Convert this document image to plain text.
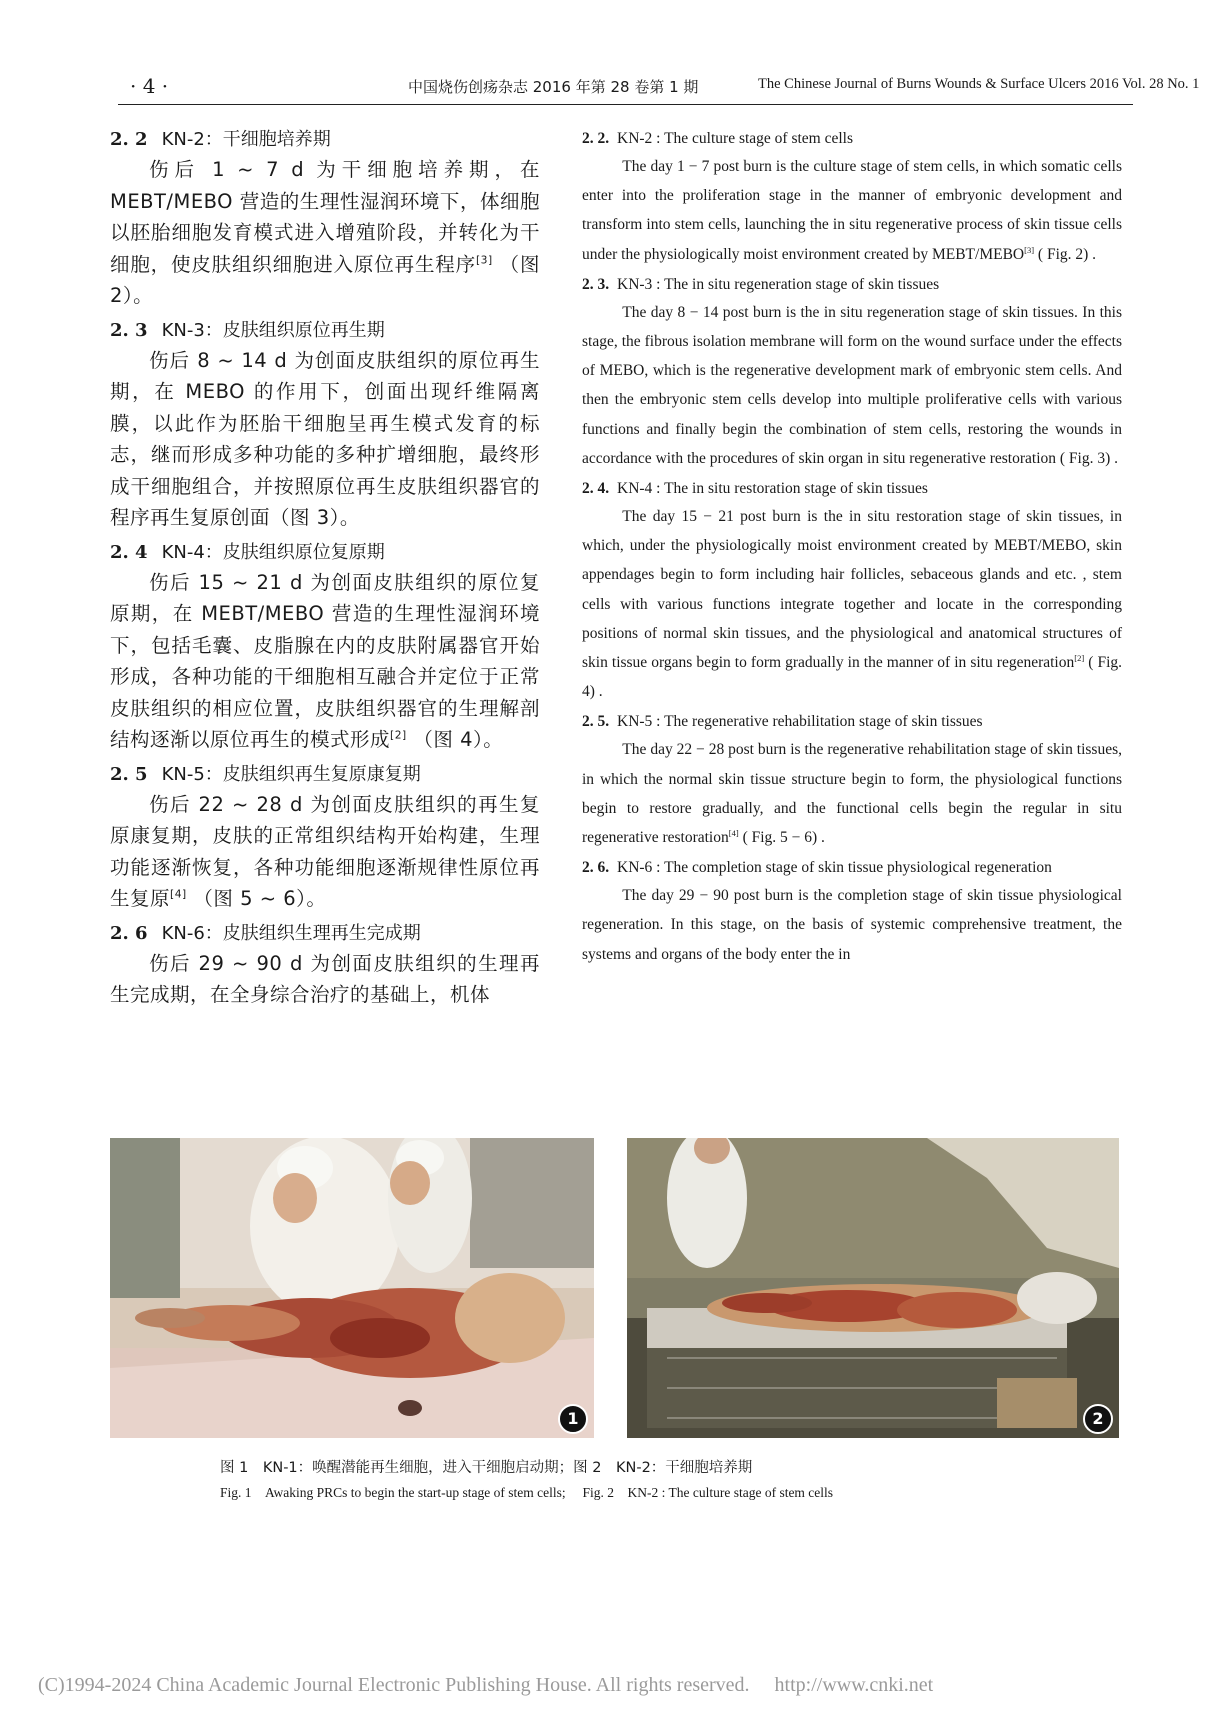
· 4 ·	中国烧伤创疡杂志 2016 年第 28 卷第 1 期	The Chinese Journal of Burns Wounds & Surface Ulcers 2016 Vol. 28 No. 1

2. 2 KN-2：干细胞培养期

伤后 1 ~ 7 d 为干细胞培养期，在 MEBT/MEBO 营造的生理性湿润环境下，体细胞以胚胎细胞发育模式进入增殖阶段，并转化为干细胞，使皮肤组织细胞进入原位再生程序[3] （图 2）。

2. 3 KN-3：皮肤组织原位再生期

伤后 8 ~ 14 d 为创面皮肤组织的原位再生期，在 MEBO 的作用下，创面出现纤维隔离膜，以此作为胚胎干细胞呈再生模式发育的标志，继而形成多种功能的多种扩增细胞，最终形成干细胞组合，并按照原位再生皮肤组织器官的程序再生复原创面（图 3）。

2. 4 KN-4：皮肤组织原位复原期

伤后 15 ~ 21 d 为创面皮肤组织的原位复原期，在 MEBT/MEBO 营造的生理性湿润环境下，包括毛囊、皮脂腺在内的皮肤附属器官开始形成，各种功能的干细胞相互融合并定位于正常皮肤组织的相应位置，皮肤组织器官的生理解剖结构逐渐以原位再生的模式形成[2] （图 4）。

2. 5 KN-5：皮肤组织再生复原康复期

伤后 22 ~ 28 d 为创面皮肤组织的再生复原康复期，皮肤的正常组织结构开始构建，生理功能逐渐恢复，各种功能细胞逐渐规律性原位再生复原[4] （图 5 ~ 6）。

2. 6 KN-6：皮肤组织生理再生完成期

伤后 29 ~ 90 d 为创面皮肤组织的生理再生完成期，在全身综合治疗的基础上，机体

2. 2. KN-2 : The culture stage of stem cells

The day 1 − 7 post burn is the culture stage of stem cells, in which somatic cells enter into the proliferation stage in the manner of embryonic development and transform into stem cells, launching the in situ regenerative process of skin tissue cells under the physiologically moist environment created by MEBT/MEBO[3] ( Fig. 2) .

2. 3. KN-3 : The in situ regeneration stage of skin tissues

The day 8 − 14 post burn is the in situ regeneration stage of skin tissues. In this stage, the fibrous isolation membrane will form on the wound surface under the effects of MEBO, which is the regenerative development mark of embryonic stem cells. And then the embryonic stem cells develop into multiple proliferative cells with various functions and finally begin the combination of stem cells, restoring the wounds in accordance with the procedures of skin organ in situ regenerative restoration ( Fig. 3) .

2. 4. KN-4 : The in situ restoration stage of skin tissues

The day 15 − 21 post burn is the in situ restoration stage of skin tissues, in which, under the physiologically moist environment created by MEBT/MEBO, skin appendages begin to form including hair follicles, sebaceous glands and etc. , stem cells with various functions integrate together and locate in the corresponding positions of normal skin tissues, and the physiological and anatomical structures of skin tissue organs begin to form gradually in the manner of in situ regeneration[2] ( Fig. 4) .

2. 5. KN-5 : The regenerative rehabilitation stage of skin tissues

The day 22 − 28 post burn is the regenerative rehabilitation stage of skin tissues, in which the normal skin tissue structure begin to form, the physiological functions begin to restore gradually, and the functional cells begin the regular in situ regenerative restoration[4] ( Fig. 5 − 6) .

2. 6. KN-6 : The completion stage of skin tissue physiological regeneration

The day 29 − 90 post burn is the completion stage of skin tissue physiological regeneration. In this stage, on the basis of systemic comprehensive treatment, the systems and organs of the body enter the in

1	2
图 1　KN-1：唤醒潜能再生细胞，进入干细胞启动期；图 2　KN-2：干细胞培养期
Fig. 1　Awaking PRCs to begin the start-up stage of stem cells;　 Fig. 2　KN-2 : The culture stage of stem cells
(C)1994-2024 China Academic Journal Electronic Publishing House. All rights reserved.　 http://www.cnki.net
